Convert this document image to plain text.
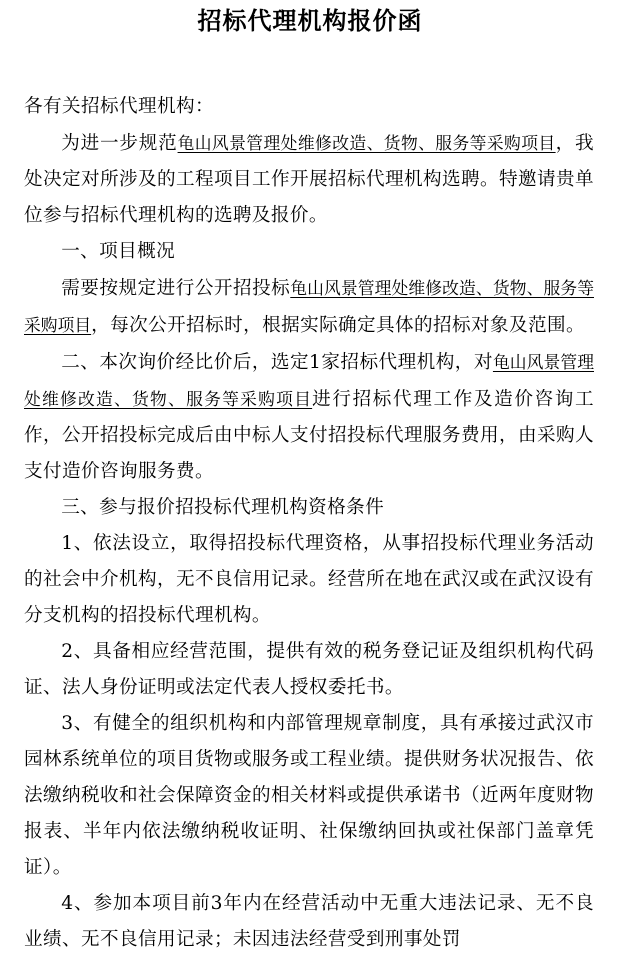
招标代理机构报价函

各有关招标代理机构：

为进一步规范龟山风景管理处维修改造、货物、服务等采购项目，我处决定对所涉及的工程项目工作开展招标代理机构选聘。特邀请贵单位参与招标代理机构的选聘及报价。

一、项目概况

需要按规定进行公开招投标龟山风景管理处维修改造、货物、服务等采购项目，每次公开招标时，根据实际确定具体的招标对象及范围。

二、本次询价经比价后，选定1家招标代理机构，对龟山风景管理处维修改造、货物、服务等采购项目进行招标代理工作及造价咨询工作，公开招投标完成后由中标人支付招投标代理服务费用，由采购人支付造价咨询服务费。

三、参与报价招投标代理机构资格条件

1、依法设立，取得招投标代理资格，从事招投标代理业务活动的社会中介机构，无不良信用记录。经营所在地在武汉或在武汉设有分支机构的招投标代理机构。

2、具备相应经营范围，提供有效的税务登记证及组织机构代码证、法人身份证明或法定代表人授权委托书。

3、有健全的组织机构和内部管理规章制度，具有承接过武汉市园林系统单位的项目货物或服务或工程业绩。提供财务状况报告、依法缴纳税收和社会保障资金的相关材料或提供承诺书（近两年度财物报表、半年内依法缴纳税收证明、社保缴纳回执或社保部门盖章凭证）。

4、参加本项目前3年内在经营活动中无重大违法记录、无不良业绩、无不良信用记录；未因违法经营受到刑事处罚
